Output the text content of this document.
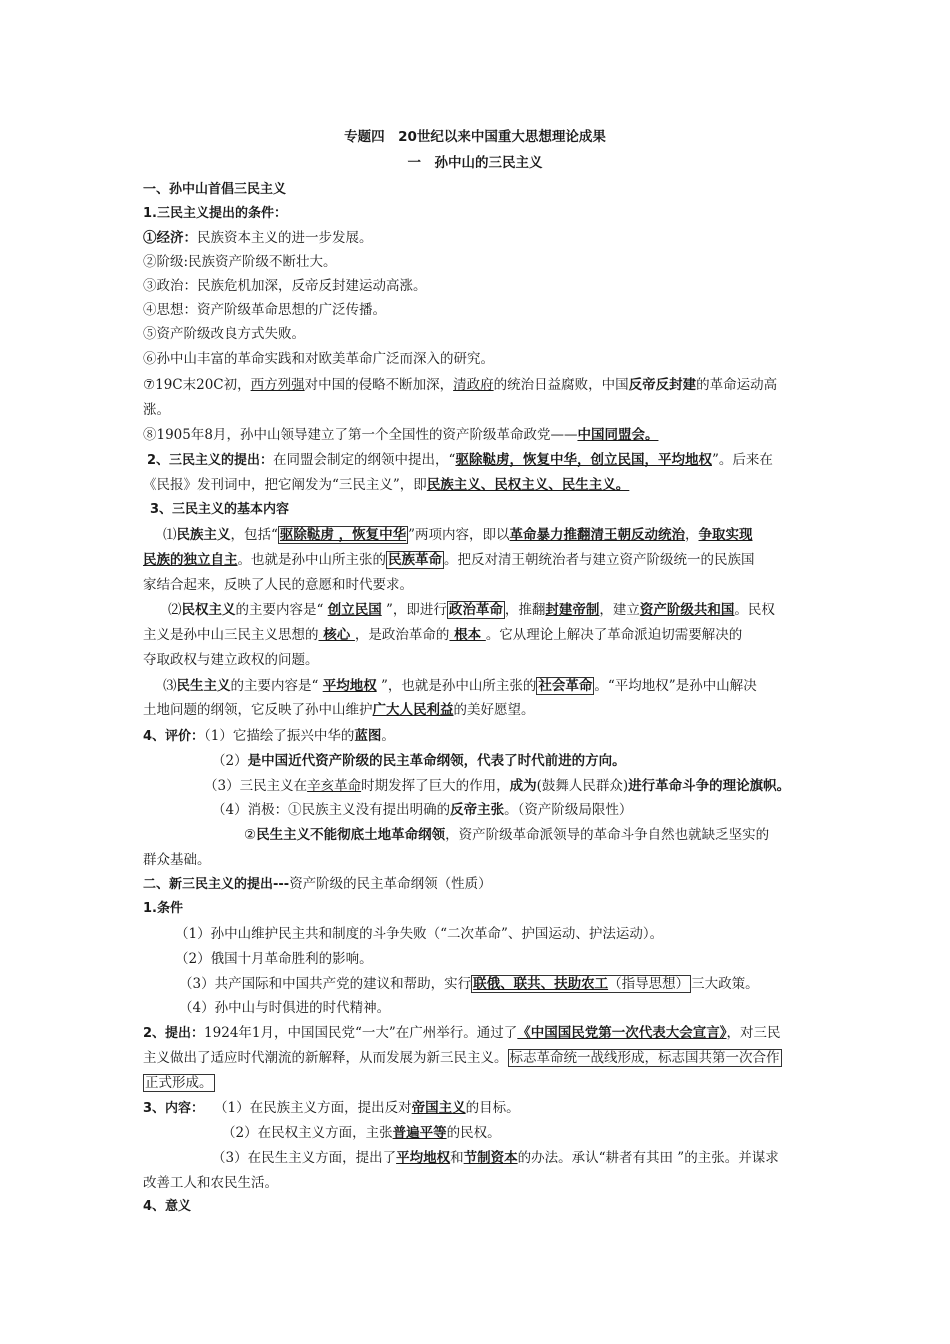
专题四　20世纪以来中国重大思想理论成果
一　孙中山的三民主义
一、孙中山首倡三民主义
1.三民主义提出的条件：
①经济：民族资本主义的进一步发展。
②阶级:民族资产阶级不断壮大。
③政治：民族危机加深，反帝反封建运动高涨。
④思想：资产阶级革命思想的广泛传播。
⑤资产阶级改良方式失败。
⑥孙中山丰富的革命实践和对欧美革命广泛而深入的研究。
⑦19C末20C初，西方列强对中国的侵略不断加深，清政府的统治日益腐败，中国反帝反封建的革命运动高
涨。
⑧1905年8月，孙中山领导建立了第一个全国性的资产阶级革命政党——中国同盟会。
2、三民主义的提出：在同盟会制定的纲领中提出，“驱除鞑虏，恢复中华，创立民国，平均地权”。后来在
《民报》发刊词中，把它阐发为“三民主义”，即民族主义、民权主义、民生主义。
3、三民主义的基本内容
⑴民族主义，包括“ 驱除鞑虏 ，恢复中华 ”两项内容，即以革命暴力推翻清王朝反动统治，争取实现
民族的独立自主。也就是孙中山所主张的 民族革命 。把反对清王朝统治者与建立资产阶级统一的民族国
家结合起来，反映了人民的意愿和时代要求。
⑵民权主义的主要内容是“ 创立民国 ”，即进行 政治革命 ，推翻封建帝制，建立资产阶级共和国。民权
主义是孙中山三民主义思想的 核心 ，是政治革命的 根本 。它从理论上解决了革命派迫切需要解决的
夺取政权与建立政权的问题。
⑶民生主义的主要内容是“ 平均地权 ”，也就是孙中山所主张的 社会革命 。“平均地权”是孙中山解决
土地问题的纲领，它反映了孙中山维护广大人民利益的美好愿望。
4、评价：（1）它描绘了振兴中华的蓝图。
（2）是中国近代资产阶级的民主革命纲领，代表了时代前进的方向。
（3）三民主义在辛亥革命时期发挥了巨大的作用，成为(鼓舞人民群众)进行革命斗争的理论旗帜。
（4）消极：①民族主义没有提出明确的反帝主张。（资产阶级局限性）
②民生主义不能彻底土地革命纲领，资产阶级革命派领导的革命斗争自然也就缺乏坚实的
群众基础。
二、新三民主义的提出---资产阶级的民主革命纲领（性质）
1.条件
（1）孙中山维护民主共和制度的斗争失败（“二次革命”、护国运动、护法运动）。
（2）俄国十月革命胜利的影响。
（3）共产国际和中国共产党的建议和帮助，实行 联俄、联共、扶助农工（指导思想） 三大政策。
（4）孙中山与时俱进的时代精神。
2、提出：1924年1月，中国国民党“一大”在广州举行。通过了《中国国民党第一次代表大会宣言》，对三民
主义做出了适应时代潮流的新解释，从而发展为新三民主义。 标志革命统一战线形成，标志国共第一次合作
正式形成。
3、内容： （1）在民族主义方面，提出反对帝国主义的目标。
（2）在民权主义方面，主张普遍平等的民权。
（3）在民生主义方面，提出了平均地权和节制资本的办法。承认“耕者有其田 ”的主张。并谋求
改善工人和农民生活。
4、意义
